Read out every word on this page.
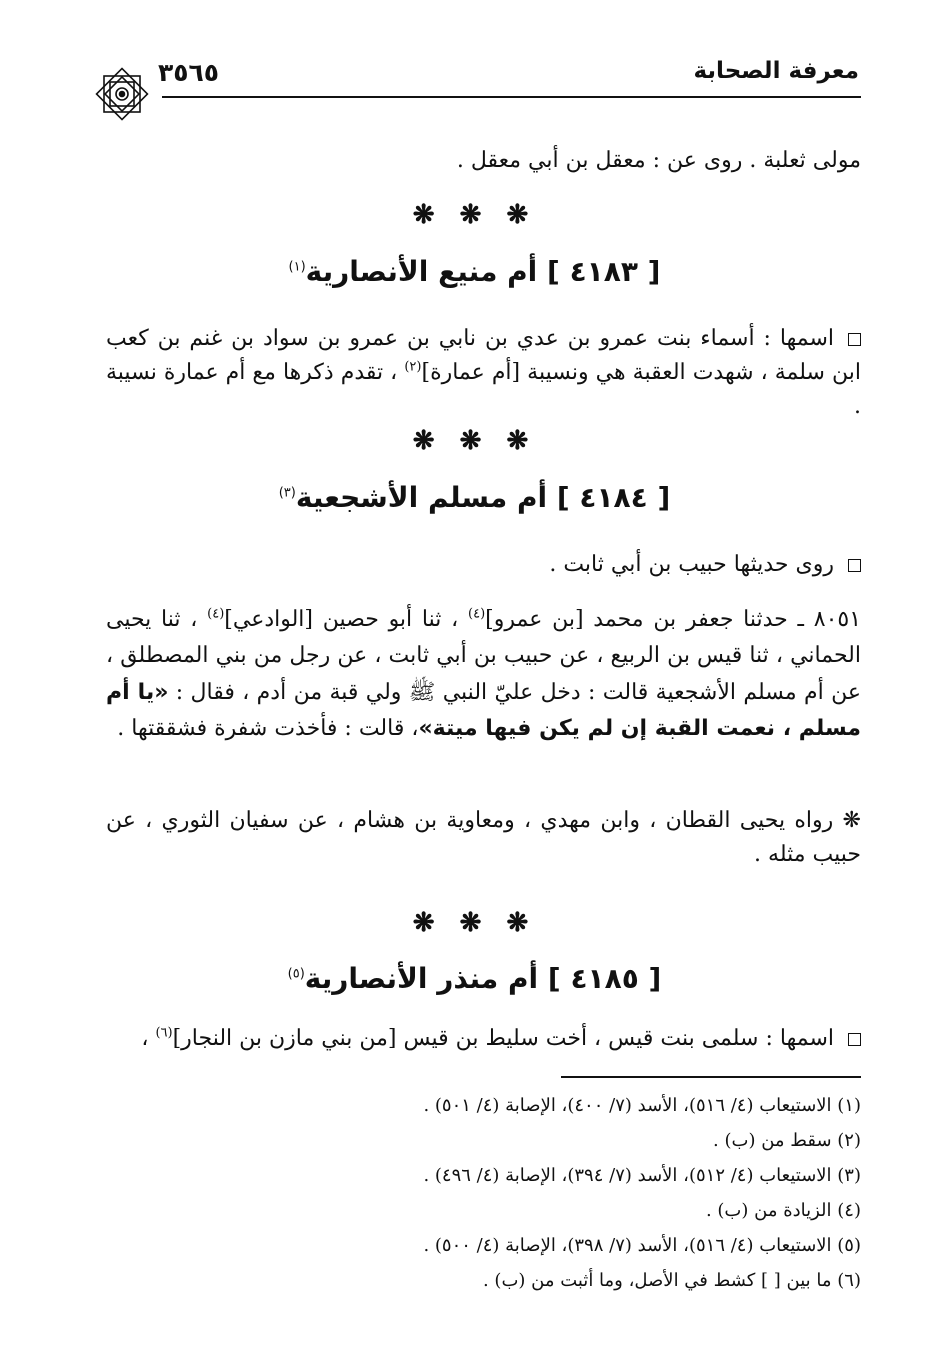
معرفة الصحابة
٣٥٦٥
مولى ثعلبة . روى عن : معقل بن أبي معقل .
❋ ❋ ❋
[ ٤١٨٣ ] أم منيع الأنصارية$^{(١)}$
اسمها : أسماء بنت عمرو بن عدي بن نابي بن عمرو بن سواد بن غنم بن كعب ابن سلمة ، شهدت العقبة هي ونسيبة [أم عمارة]$^{(٢)}$ ، تقدم ذكرها مع أم عمارة نسيبة .
❋ ❋ ❋
[ ٤١٨٤ ] أم مسلم الأشجعية$^{(٣)}$
روى حديثها حبيب بن أبي ثابت .
٨٠٥١ ـ حدثنا جعفر بن محمد [بن عمرو]$^{(٤)}$ ، ثنا أبو حصين [الوادعي]$^{(٤)}$ ، ثنا يحيى الحماني ، ثنا قيس بن الربيع ، عن حبيب بن أبي ثابت ، عن رجل من بني المصطلق ، عن أم مسلم الأشجعية قالت : دخل عليّ النبي ﷺ ولي قبة من أدم ، فقال : «يا أم مسلم ، نعمت القبة إن لم يكن فيها ميتة»، قالت : فأخذت شفرة فشققتها .
❋ رواه يحيى القطان ، وابن مهدي ، ومعاوية بن هشام ، عن سفيان الثوري ، عن حبيب مثله .
❋ ❋ ❋
[ ٤١٨٥ ] أم منذر الأنصارية$^{(٥)}$
اسمها : سلمى بنت قيس ، أخت سليط بن قيس [من بني مازن بن النجار]$^{(٦)}$ ،
(١) الاستيعاب (٤/ ٥١٦)، الأسد (٧/ ٤٠٠)، الإصابة (٤/ ٥٠١) .
(٢) سقط من (ب) .
(٣) الاستيعاب (٤/ ٥١٢)، الأسد (٧/ ٣٩٤)، الإصابة (٤/ ٤٩٦) .
(٤) الزيادة من (ب) .
(٥) الاستيعاب (٤/ ٥١٦)، الأسد (٧/ ٣٩٨)، الإصابة (٤/ ٥٠٠) .
(٦) ما بين [ ] كشط في الأصل، وما أثبت من (ب) .
